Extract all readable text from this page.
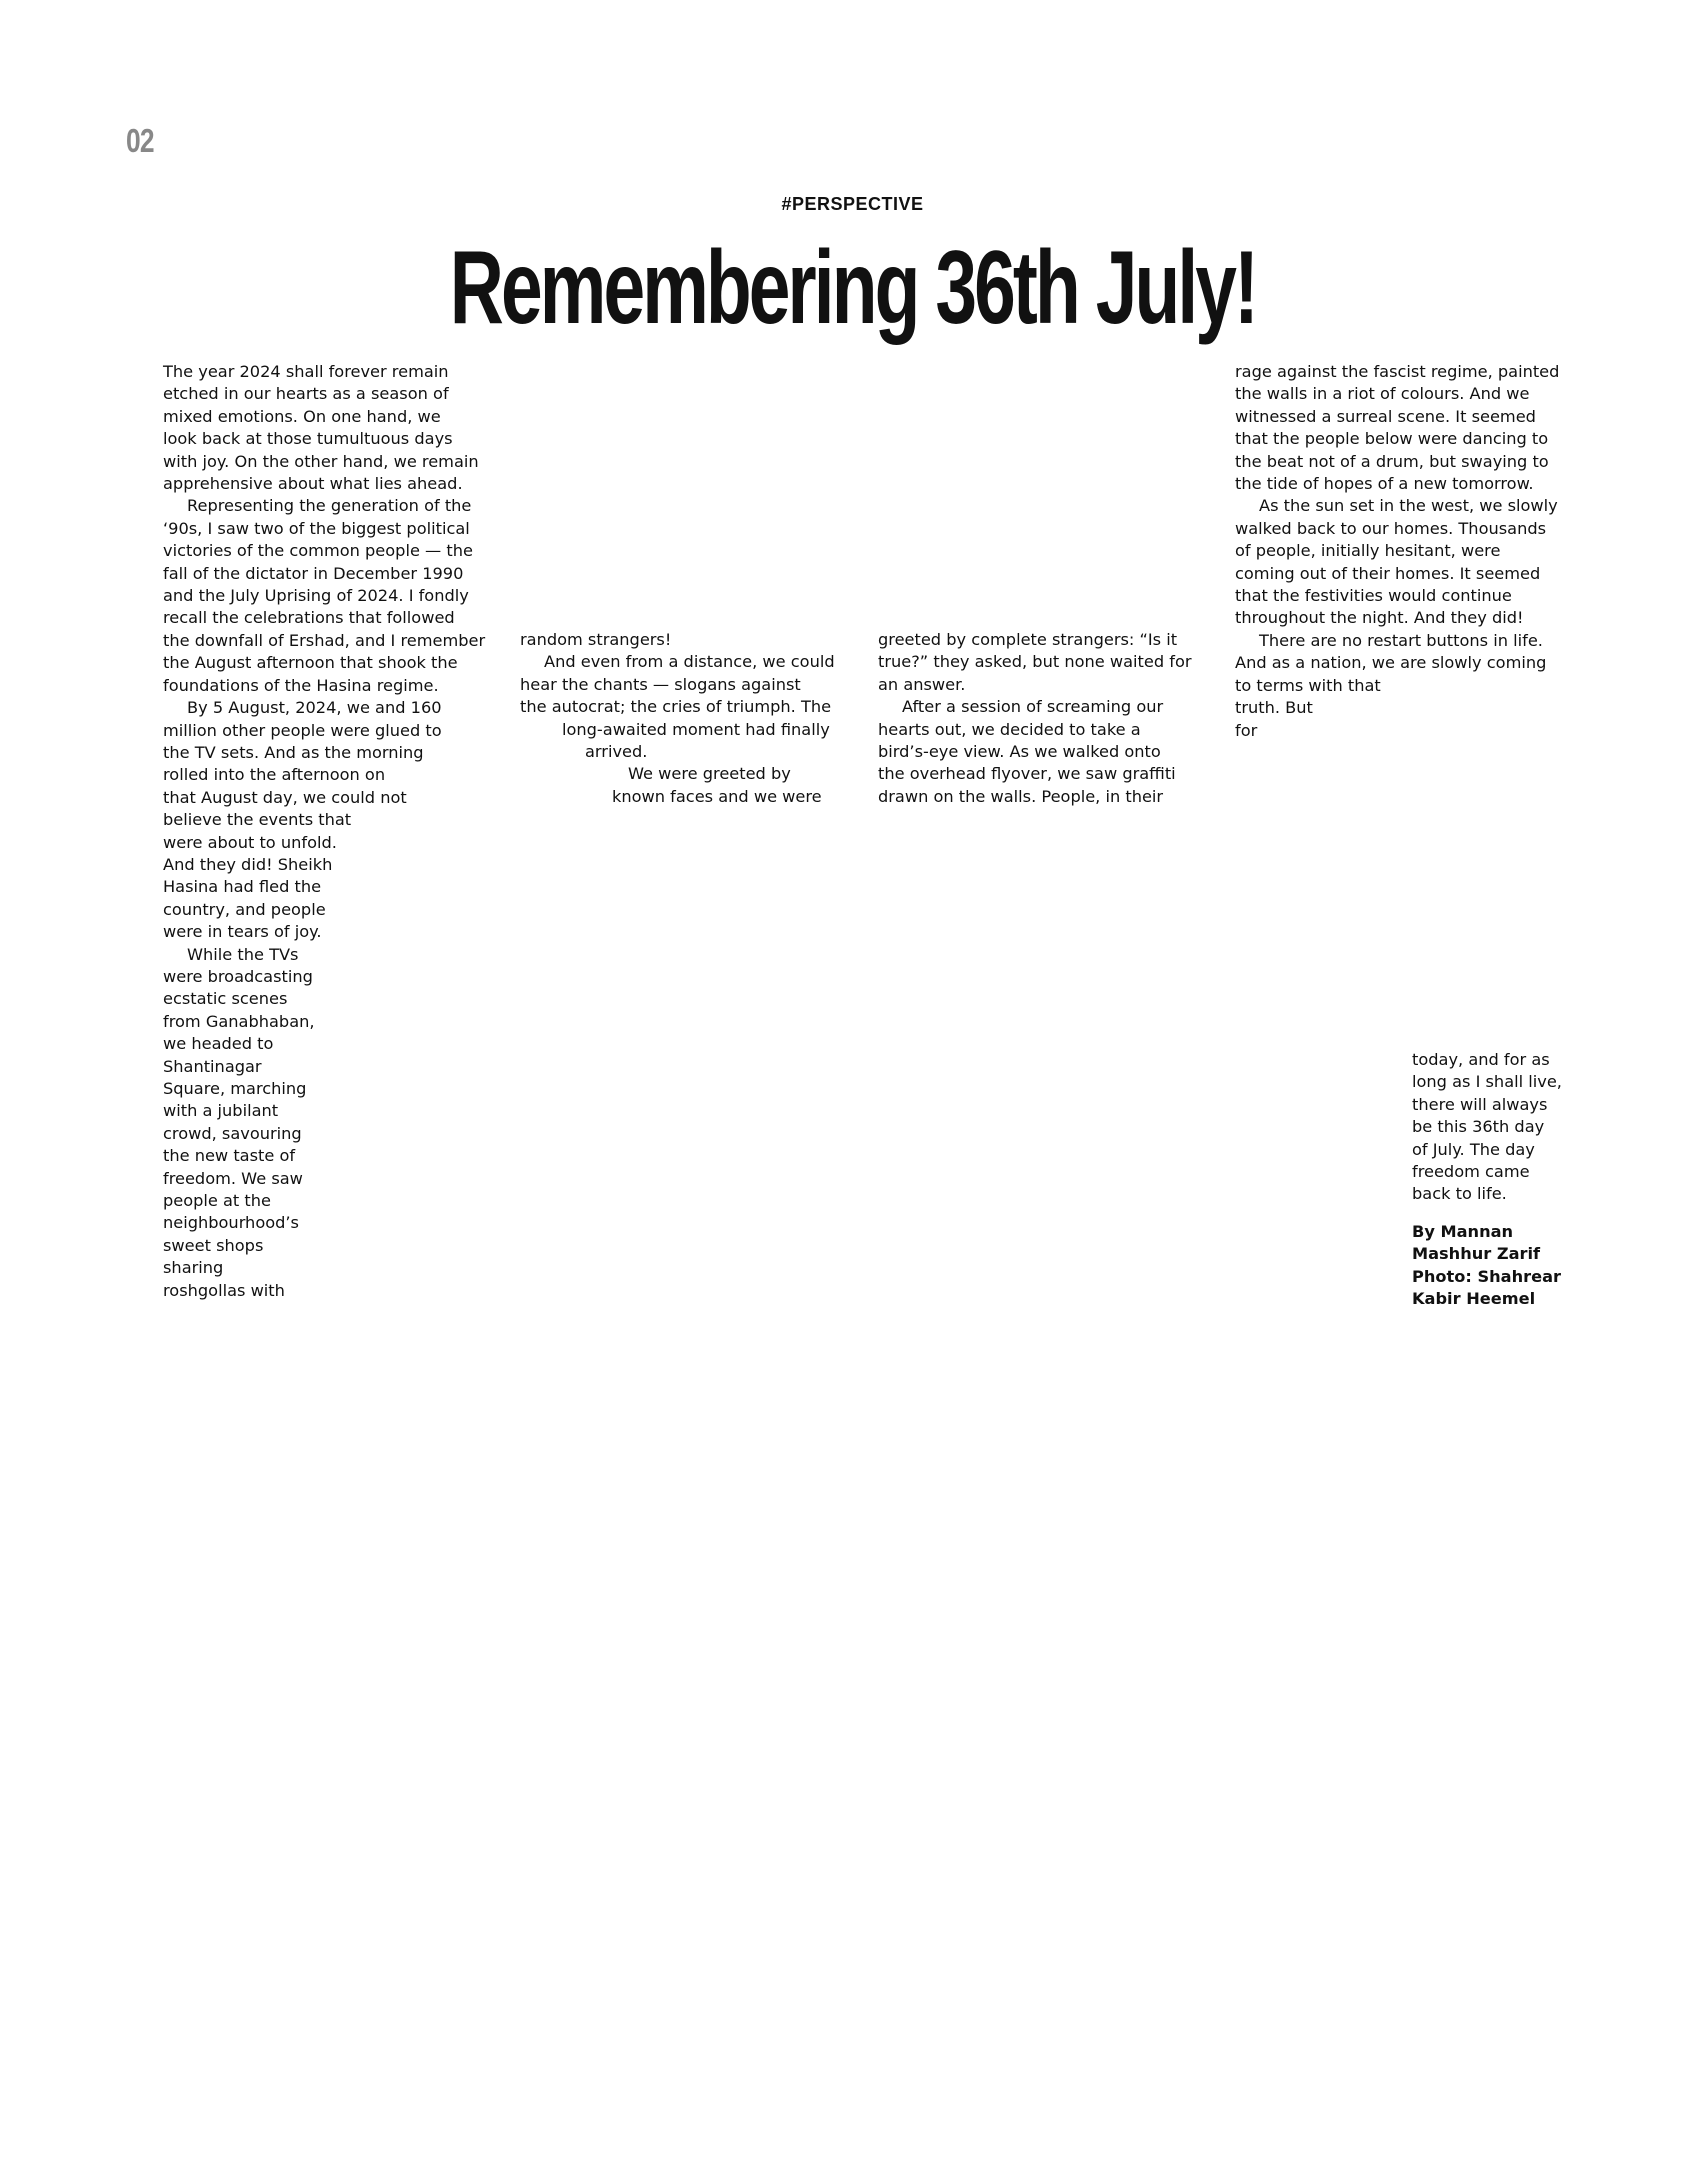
02
#PERSPECTIVE
Remembering 36th July!
The year 2024 shall forever remain
etched in our hearts as a season of
mixed emotions. On one hand, we
look back at those tumultuous days
with joy. On the other hand, we remain
apprehensive about what lies ahead.
Representing the generation of the
‘90s, I saw two of the biggest political
victories of the common people — the
fall of the dictator in December 1990
and the July Uprising of 2024. I fondly
recall the celebrations that followed
the downfall of Ershad, and I remember
the August afternoon that shook the
foundations of the Hasina regime.
By 5 August, 2024, we and 160
million other people were glued to
the TV sets. And as the morning
rolled into the afternoon on
that August day, we could not
believe the events that
were about to unfold.
And they did! Sheikh
Hasina had fled the
country, and people
were in tears of joy.
While the TVs
were broadcasting
ecstatic scenes
from Ganabhaban,
we headed to
Shantinagar
Square, marching
with a jubilant
crowd, savouring
the new taste of
freedom. We saw
people at the
neighbourhood’s
sweet shops
sharing
roshgollas with
random strangers!
And even from a distance, we could
hear the chants — slogans against
the autocrat; the cries of triumph. The
long-awaited moment had finally
arrived.
We were greeted by
known faces and we were
greeted by complete strangers: “Is it
true?” they asked, but none waited for
an answer.
After a session of screaming our
hearts out, we decided to take a
bird’s-eye view. As we walked onto
the overhead flyover, we saw graffiti
drawn on the walls. People, in their
rage against the fascist regime, painted
the walls in a riot of colours. And we
witnessed a surreal scene. It seemed
that the people below were dancing to
the beat not of a drum, but swaying to
the tide of hopes of a new tomorrow.
As the sun set in the west, we slowly
walked back to our homes. Thousands
of people, initially hesitant, were
coming out of their homes. It seemed
that the festivities would continue
throughout the night. And they did!
There are no restart buttons in life.
And as a nation, we are slowly coming
to terms with that
truth. But
for
today, and for as
long as I shall live,
there will always
be this 36th day
of July. The day
freedom came
back to life.
By Mannan
Mashhur Zarif
Photo: Shahrear
Kabir Heemel
